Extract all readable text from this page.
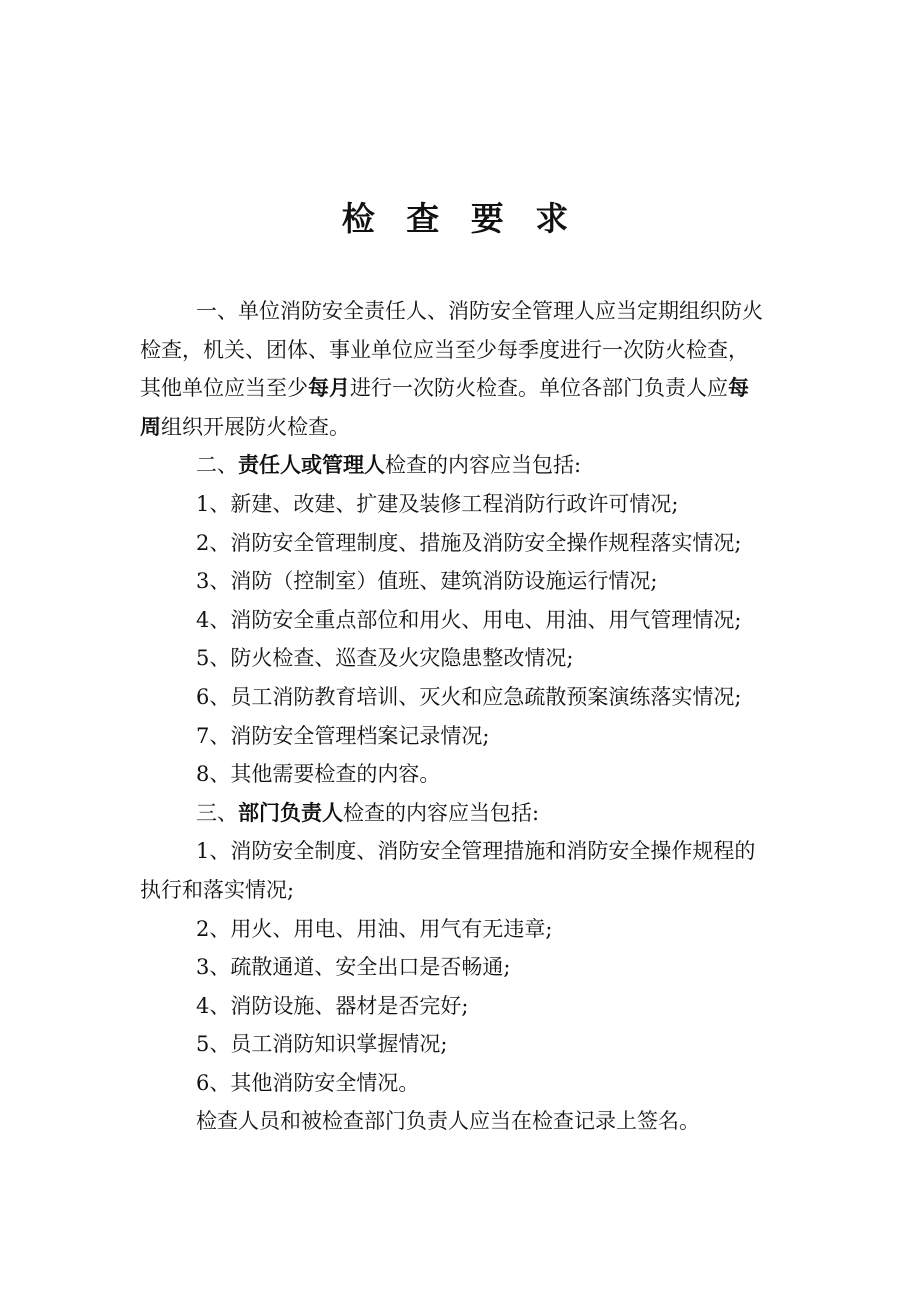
检 查 要 求
一、单位消防安全责任人、消防安全管理人应当定期组织防火
检查，机关、团体、事业单位应当至少每季度进行一次防火检查，
其他单位应当至少每月进行一次防火检查。单位各部门负责人应每
周组织开展防火检查。
二、责任人或管理人检查的内容应当包括:
1、新建、改建、扩建及装修工程消防行政许可情况;
2、消防安全管理制度、措施及消防安全操作规程落实情况;
3、消防（控制室）值班、建筑消防设施运行情况;
4、消防安全重点部位和用火、用电、用油、用气管理情况;
5、防火检查、巡查及火灾隐患整改情况;
6、员工消防教育培训、灭火和应急疏散预案演练落实情况;
7、消防安全管理档案记录情况;
8、其他需要检查的内容。
三、部门负责人检查的内容应当包括:
1、消防安全制度、消防安全管理措施和消防安全操作规程的
执行和落实情况;
2、用火、用电、用油、用气有无违章;
3、疏散通道、安全出口是否畅通;
4、消防设施、器材是否完好;
5、员工消防知识掌握情况;
6、其他消防安全情况。
检查人员和被检查部门负责人应当在检查记录上签名。
